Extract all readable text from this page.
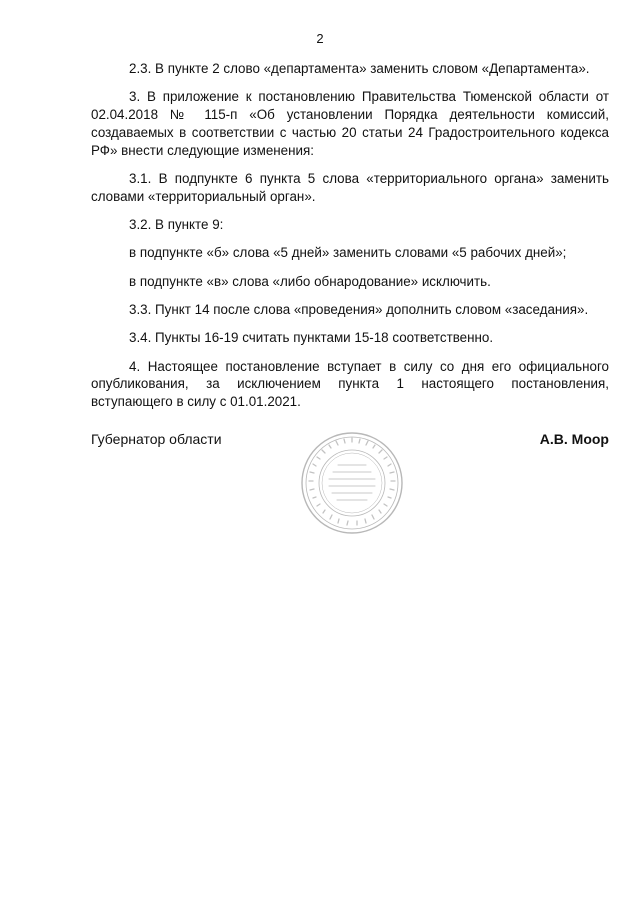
2

2.3. В пункте 2 слово «департамента» заменить словом «Департамента».

3. В приложение к постановлению Правительства Тюменской области от 02.04.2018 № 115-п «Об установлении Порядка деятельности комиссий, создаваемых в соответствии с частью 20 статьи 24 Градостроительного кодекса РФ» внести следующие изменения:

3.1. В подпункте 6 пункта 5 слова «территориального органа» заменить словами «территориальный орган».

3.2. В пункте 9:

в подпункте «б» слова «5 дней» заменить словами «5 рабочих дней»;

в подпункте «в» слова «либо обнародование» исключить.

3.3. Пункт 14 после слова «проведения» дополнить словом «заседания».

3.4. Пункты 16-19 считать пунктами 15-18 соответственно.

4. Настоящее постановление вступает в силу со дня его официального опубликования, за исключением пункта 1 настоящего постановления, вступающего в силу с 01.01.2021.

Губернатор области	А.В. Моор
